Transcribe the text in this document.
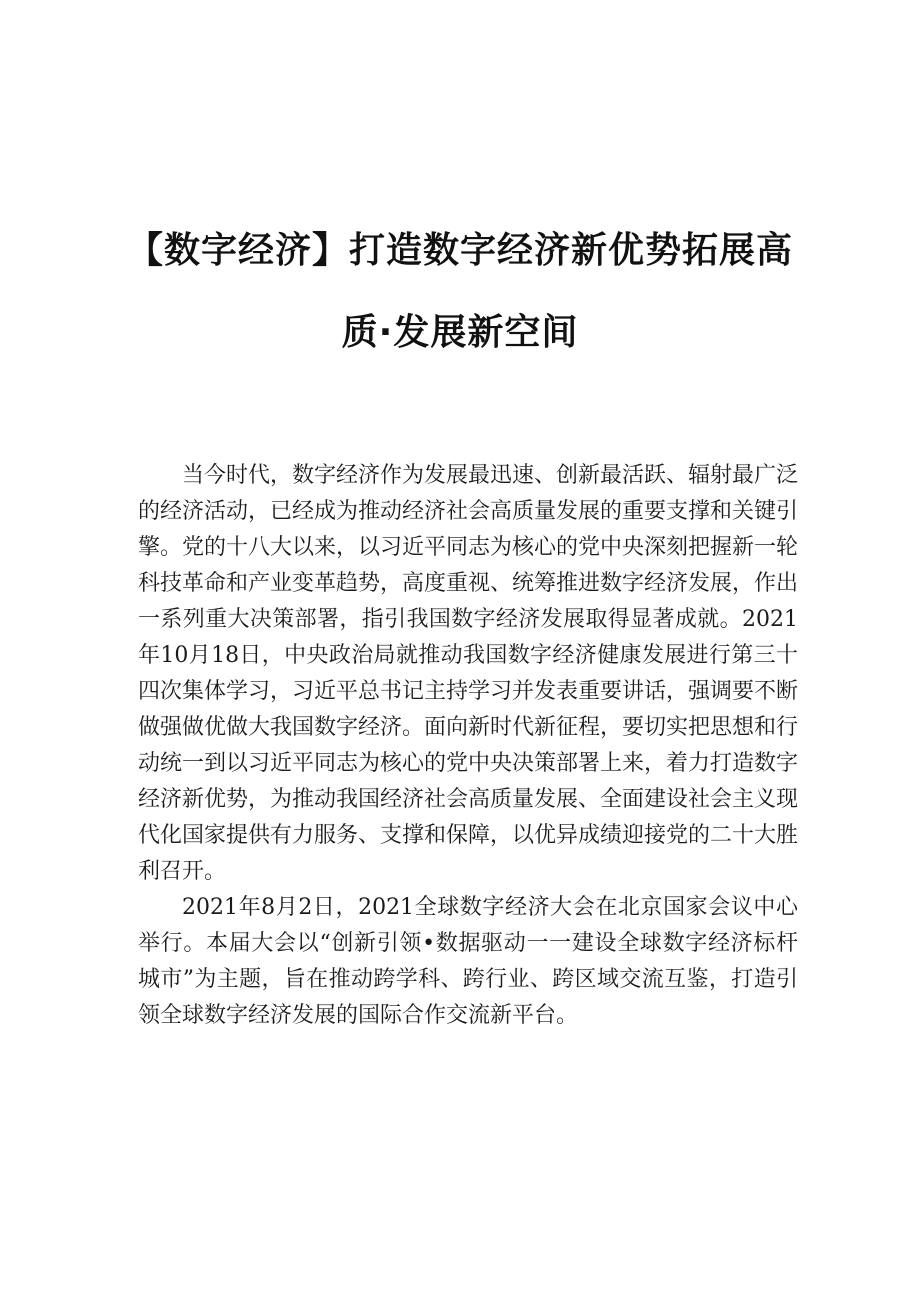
【数字经济】打造数字经济新优势拓展高
质·发展新空间

当今时代，数字经济作为发展最迅速、创新最活跃、辐射最广泛的经济活动，已经成为推动经济社会高质量发展的重要支撑和关键引擎。党的十八大以来，以习近平同志为核心的党中央深刻把握新一轮科技革命和产业变革趋势，高度重视、统筹推进数字经济发展，作出一系列重大决策部署，指引我国数字经济发展取得显著成就。2021年10月18日，中央政治局就推动我国数字经济健康发展进行第三十四次集体学习，习近平总书记主持学习并发表重要讲话，强调要不断做强做优做大我国数字经济。面向新时代新征程，要切实把思想和行动统一到以习近平同志为核心的党中央决策部署上来，着力打造数字经济新优势，为推动我国经济社会高质量发展、全面建设社会主义现代化国家提供有力服务、支撑和保障，以优异成绩迎接党的二十大胜利召开。

2021年8月2日，2021全球数字经济大会在北京国家会议中心举行。本届大会以“创新引领•数据驱动一一建设全球数字经济标杆城市”为主题，旨在推动跨学科、跨行业、跨区域交流互鉴，打造引领全球数字经济发展的国际合作交流新平台。
